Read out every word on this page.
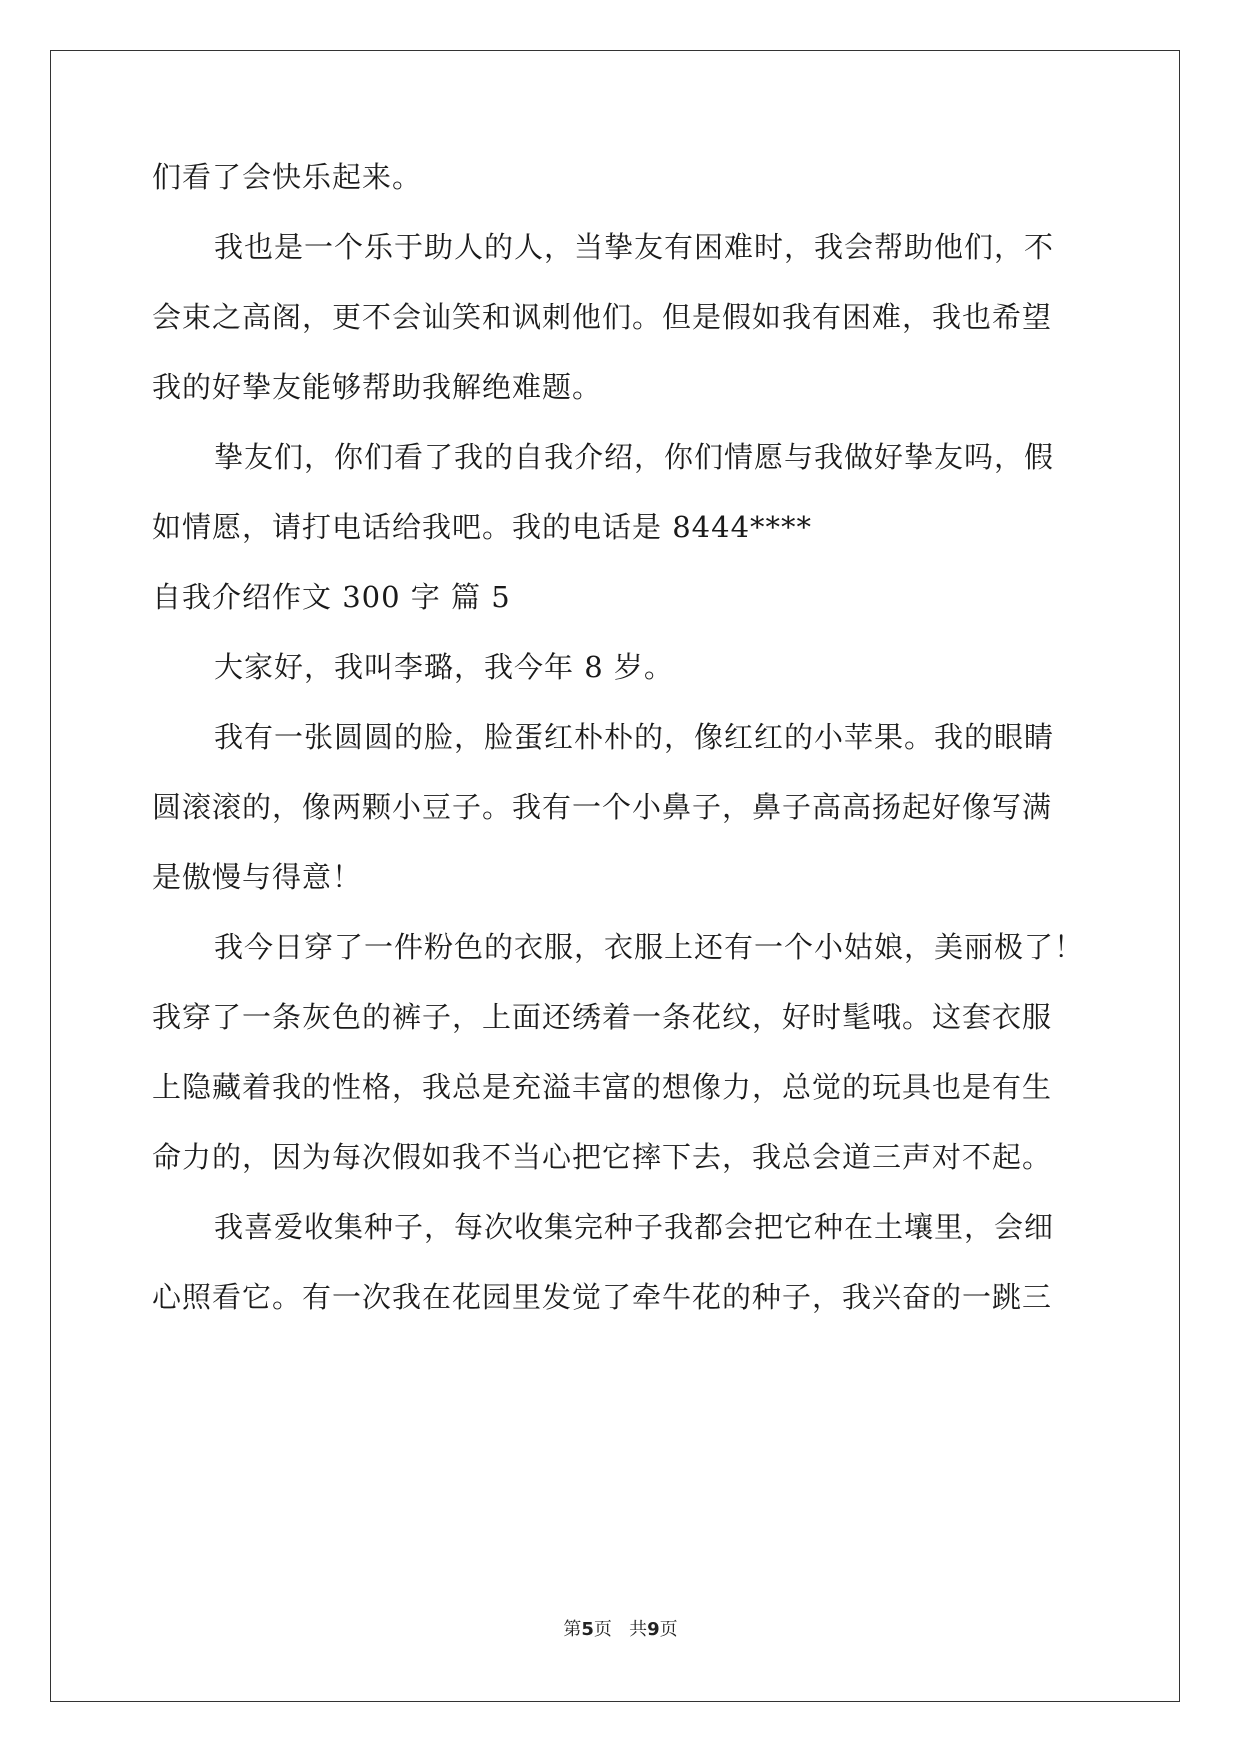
们看了会快乐起来。
我也是一个乐于助人的人，当挚友有困难时，我会帮助他们，不
会束之高阁，更不会讪笑和讽刺他们。但是假如我有困难，我也希望
我的好挚友能够帮助我解绝难题。
挚友们，你们看了我的自我介绍，你们情愿与我做好挚友吗，假
如情愿，请打电话给我吧。我的电话是 8444****
自我介绍作文 300 字 篇 5
大家好，我叫李璐，我今年 8 岁。
我有一张圆圆的脸，脸蛋红朴朴的，像红红的小苹果。我的眼睛
圆滚滚的，像两颗小豆子。我有一个小鼻子，鼻子高高扬起好像写满
是傲慢与得意！
我今日穿了一件粉色的衣服，衣服上还有一个小姑娘，美丽极了！
我穿了一条灰色的裤子，上面还绣着一条花纹，好时髦哦。这套衣服
上隐藏着我的性格，我总是充溢丰富的想像力，总觉的玩具也是有生
命力的，因为每次假如我不当心把它摔下去，我总会道三声对不起。
我喜爱收集种子，每次收集完种子我都会把它种在土壤里，会细
心照看它。有一次我在花园里发觉了牵牛花的种子，我兴奋的一跳三
第5页 共9页
